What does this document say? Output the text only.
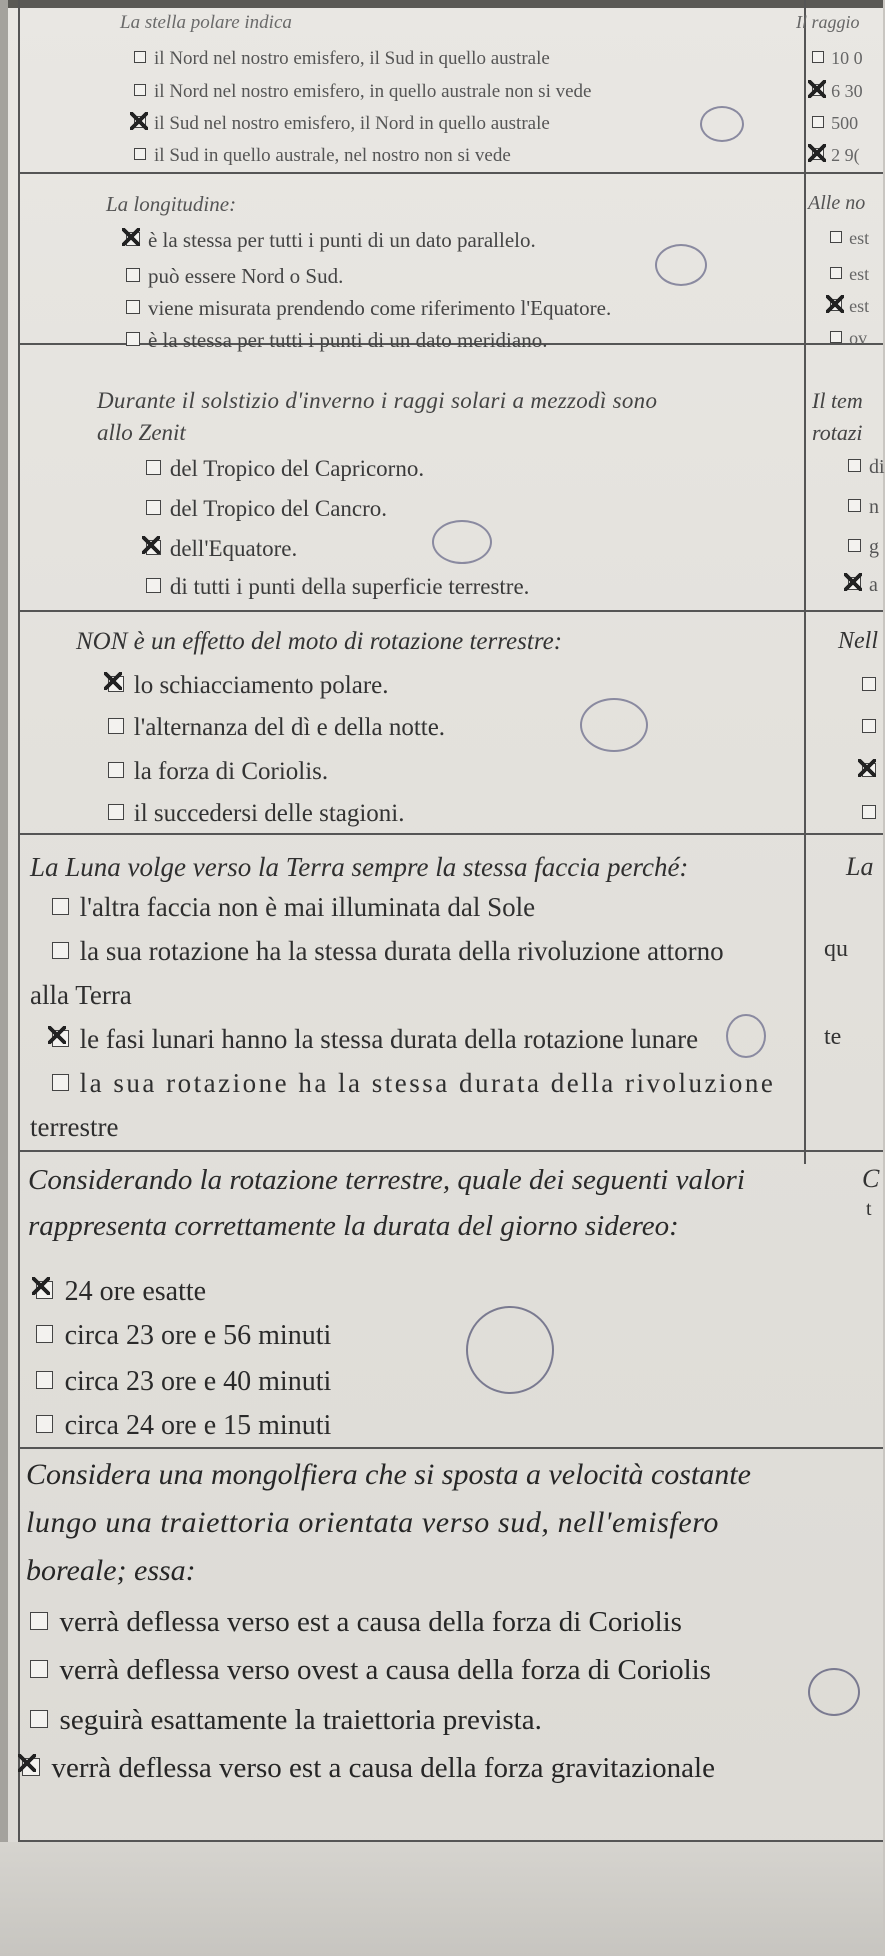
La stella polare indica
il Nord nel nostro emisfero, il Sud in quello australe
il Nord nel nostro emisfero, in quello australe non si vede
il Sud nel nostro emisfero, il Nord in quello australe
il Sud in quello australe, nel nostro non si vede
La longitudine:
è la stessa per tutti i punti di un dato parallelo.
può essere Nord o Sud.
viene misurata prendendo come riferimento l'Equatore.
è la stessa per tutti i punti di un dato meridiano.
Durante il solstizio d'inverno i raggi solari a mezzodì sono
allo Zenit
del Tropico del Capricorno.
del Tropico del Cancro.
dell'Equatore.
di tutti i punti della superficie terrestre.
NON è un effetto del moto di rotazione terrestre:
lo schiacciamento polare.
l'alternanza del dì e della notte.
la forza di Coriolis.
il succedersi delle stagioni.
La Luna volge verso la Terra sempre la stessa faccia perché:
l'altra faccia non è mai illuminata dal Sole
la sua rotazione ha la stessa durata della rivoluzione attorno
alla Terra
le fasi lunari hanno la stessa durata della rotazione lunare
la sua rotazione ha la stessa durata della rivoluzione
terrestre
Considerando la rotazione terrestre, quale dei seguenti valori
rappresenta correttamente la durata del giorno sidereo:
24 ore esatte
circa 23 ore e 56 minuti
circa 23 ore e 40 minuti
circa 24 ore e 15 minuti
Considera una mongolfiera che si sposta a velocità costante
lungo una traiettoria orientata verso sud, nell'emisfero
boreale; essa:
verrà deflessa verso est a causa della forza di Coriolis
verrà deflessa verso ovest a causa della forza di Coriolis
seguirà esattamente la traiettoria prevista.
verrà deflessa verso est a causa della forza gravitazionale
Il raggio
10 0
6 30
500
2 9(
Alle no
est
est
est
ov
Il tem
rotazi
di
n
g
a
Nell
La
qu
te
C
t
